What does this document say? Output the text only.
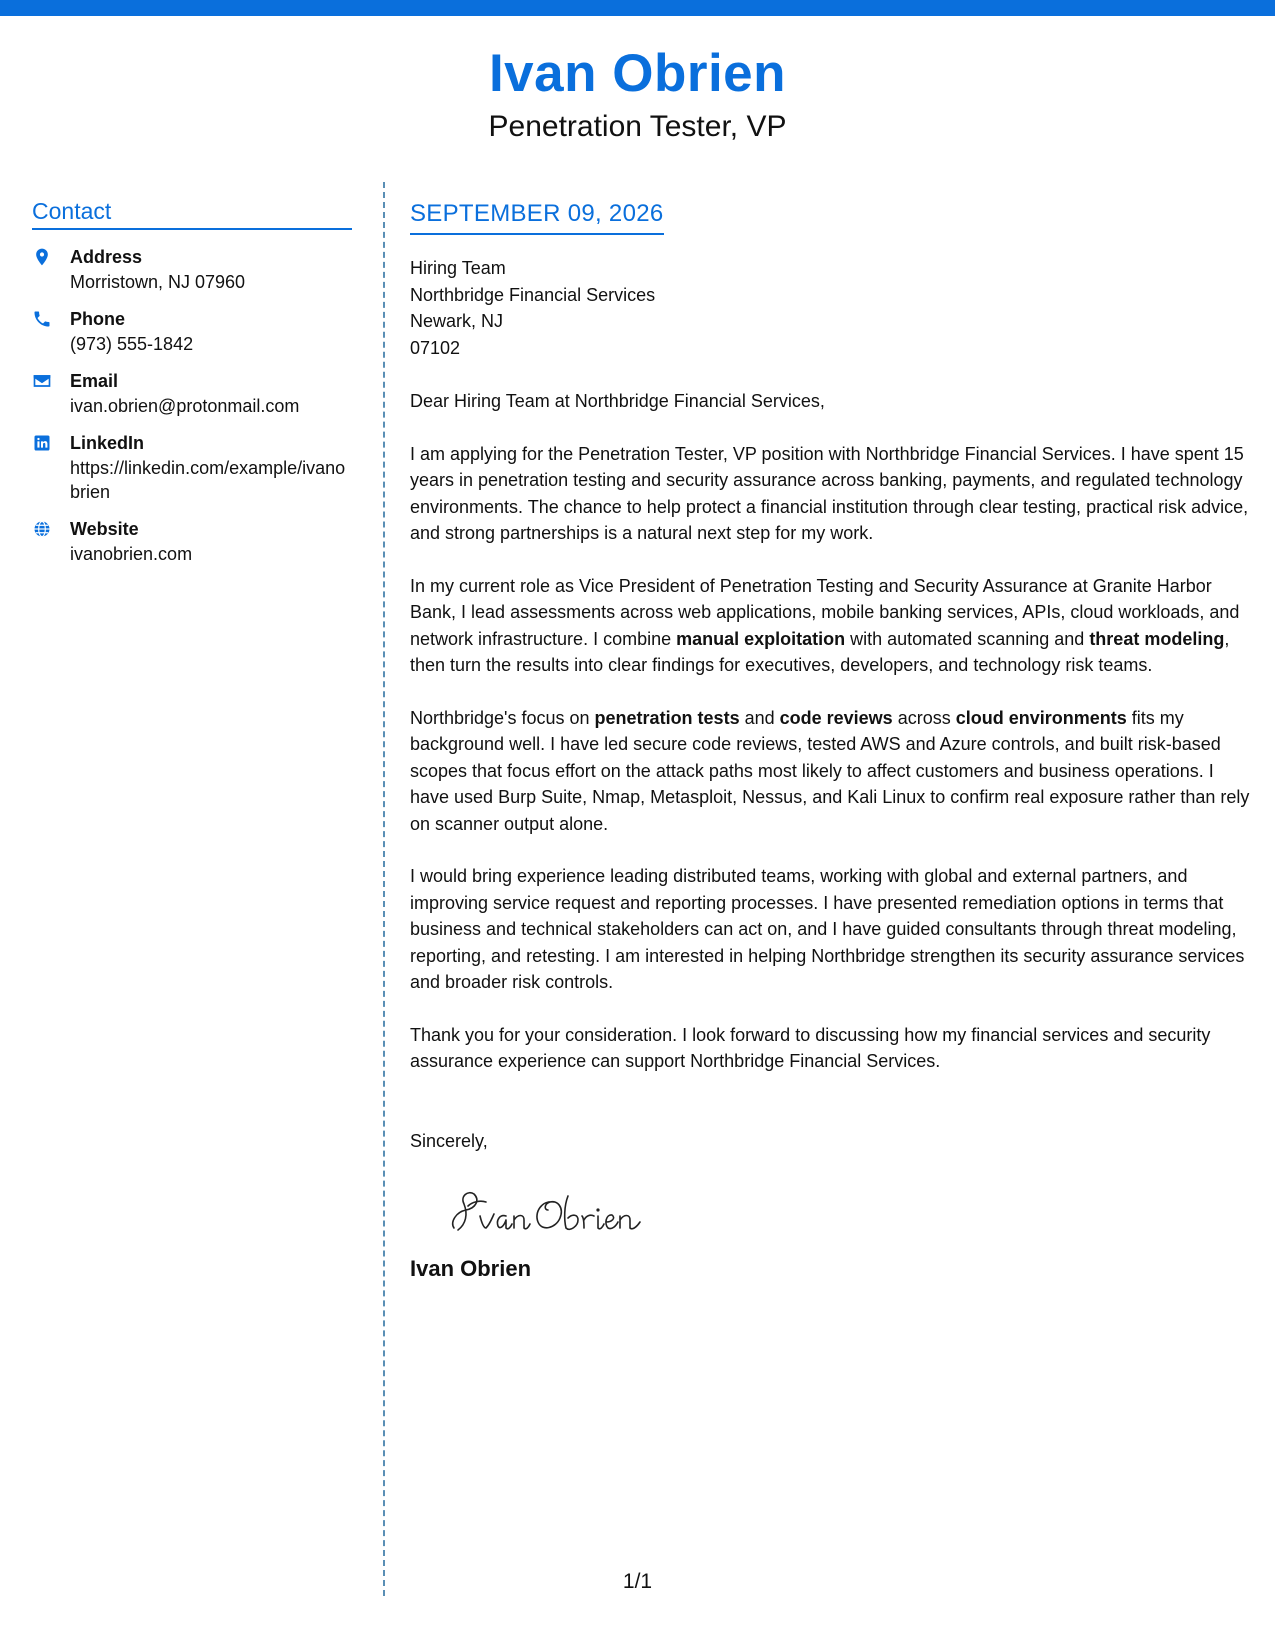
Ivan Obrien
Penetration Tester, VP
Contact
Address
Morristown, NJ 07960
Phone
(973) 555-1842
Email
ivan.obrien@protonmail.com
LinkedIn
https://linkedin.com/example/ivanobrien
Website
ivanobrien.com
SEPTEMBER 09, 2026
Hiring Team
Northbridge Financial Services
Newark, NJ
07102
Dear Hiring Team at Northbridge Financial Services,
I am applying for the Penetration Tester, VP position with Northbridge Financial Services. I have spent 15 years in penetration testing and security assurance across banking, payments, and regulated technology environments. The chance to help protect a financial institution through clear testing, practical risk advice, and strong partnerships is a natural next step for my work.
In my current role as Vice President of Penetration Testing and Security Assurance at Granite Harbor Bank, I lead assessments across web applications, mobile banking services, APIs, cloud workloads, and network infrastructure. I combine manual exploitation with automated scanning and threat modeling, then turn the results into clear findings for executives, developers, and technology risk teams.
Northbridge's focus on penetration tests and code reviews across cloud environments fits my background well. I have led secure code reviews, tested AWS and Azure controls, and built risk-based scopes that focus effort on the attack paths most likely to affect customers and business operations. I have used Burp Suite, Nmap, Metasploit, Nessus, and Kali Linux to confirm real exposure rather than rely on scanner output alone.
I would bring experience leading distributed teams, working with global and external partners, and improving service request and reporting processes. I have presented remediation options in terms that business and technical stakeholders can act on, and I have guided consultants through threat modeling, reporting, and retesting. I am interested in helping Northbridge strengthen its security assurance services and broader risk controls.
Thank you for your consideration. I look forward to discussing how my financial services and security assurance experience can support Northbridge Financial Services.
Sincerely,
Ivan Obrien
1/1
